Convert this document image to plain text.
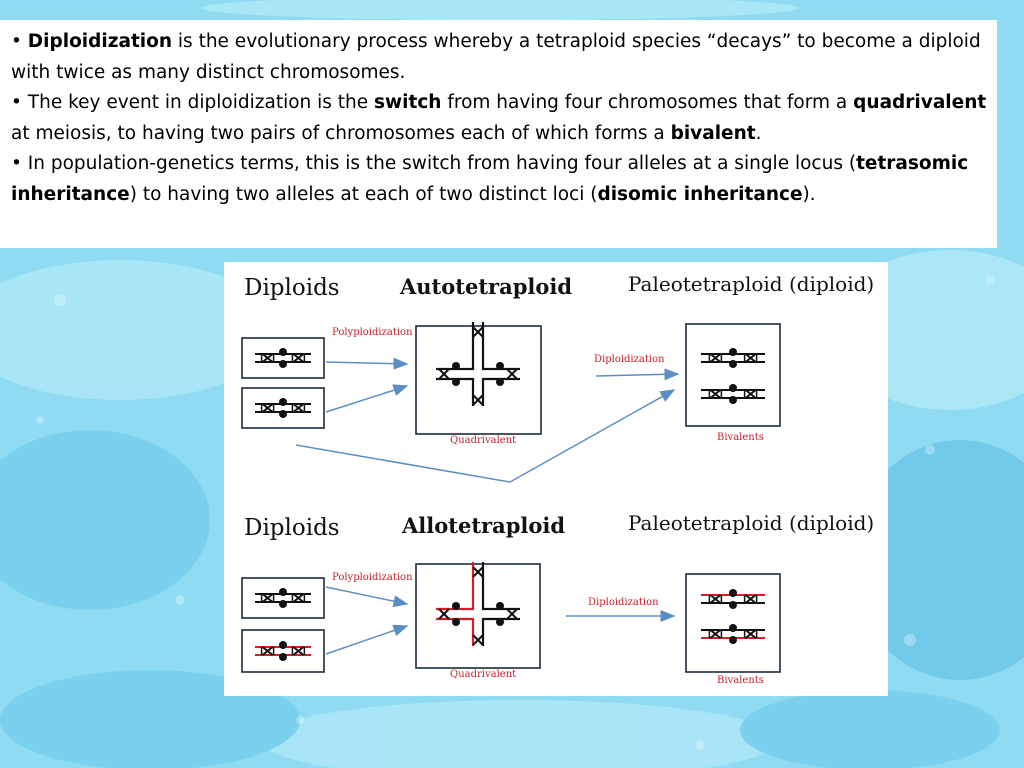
• Diploidization is the evolutionary process whereby a tetraploid species “decays” to become a diploid with twice as many distinct chromosomes.
• The key event in diploidization is the switch from having four chromosomes that form a quadrivalent at meiosis, to having two pairs of chromosomes each of which forms a bivalent.
• In population-genetics terms, this is the switch from having four alleles at a single locus (tetrasomic inheritance) to having two alleles at each of two distinct loci (disomic inheritance).
Diploids	Autotetraploid	Paleotetraploid (diploid)
Polyploidization
Diploidization
Quadrivalent	Bivalents
Diploids	Allotetraploid	Paleotetraploid (diploid)
Polyploidization
Diploidization
Quadrivalent
Bivalents
